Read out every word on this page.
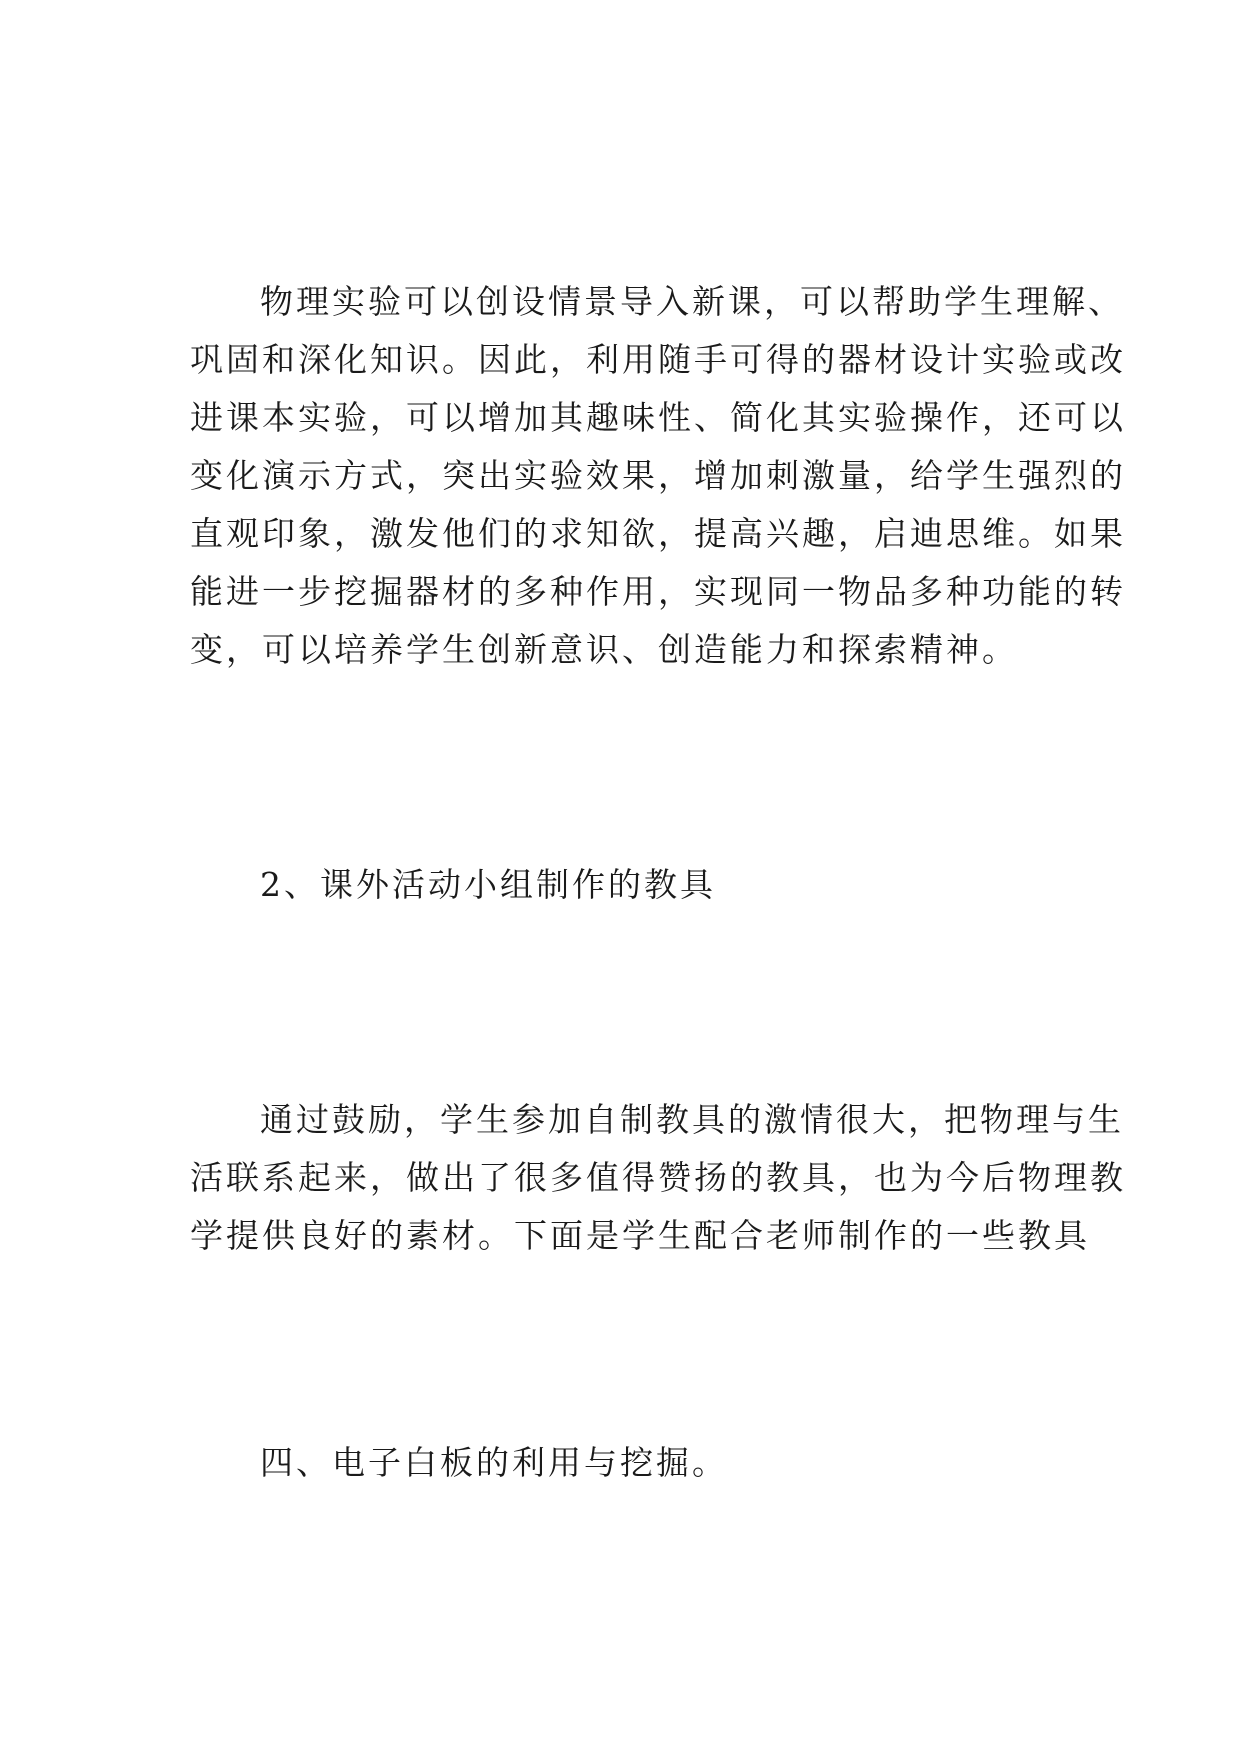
物理实验可以创设情景导入新课，可以帮助学生理解、
巩固和深化知识。因此，利用随手可得的器材设计实验或改
进课本实验，可以增加其趣味性、简化其实验操作，还可以
变化演示方式，突出实验效果，增加刺激量，给学生强烈的
直观印象，激发他们的求知欲，提高兴趣，启迪思维。如果
能进一步挖掘器材的多种作用，实现同一物品多种功能的转
变，可以培养学生创新意识、创造能力和探索精神。
2、课外活动小组制作的教具
通过鼓励，学生参加自制教具的激情很大，把物理与生
活联系起来，做出了很多值得赞扬的教具，也为今后物理教
学提供良好的素材。下面是学生配合老师制作的一些教具
四、电子白板的利用与挖掘。
